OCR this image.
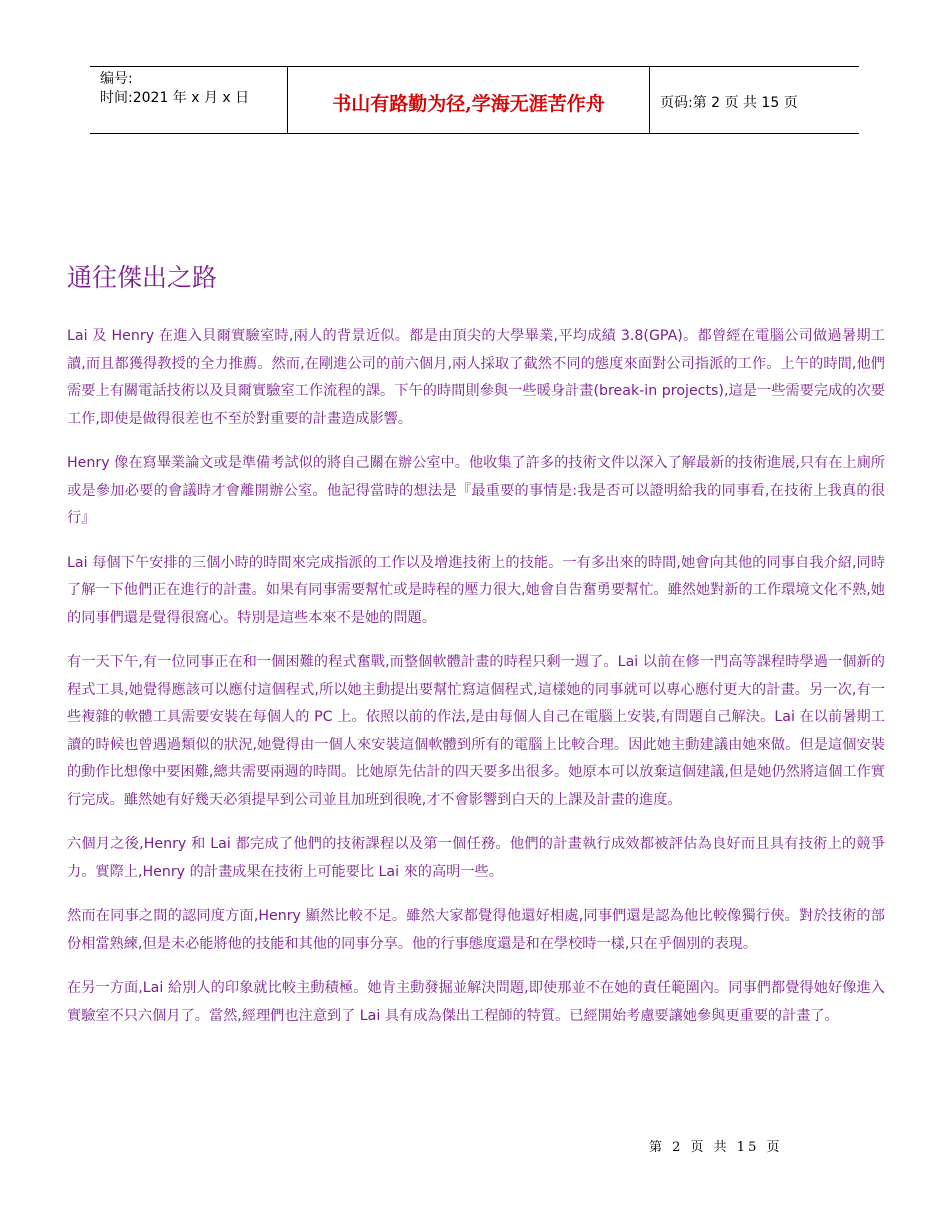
编号:
时间:2021 年 x 月 x 日	书山有路勤为径,学海无涯苦作舟	页码:第 2 页 共 15 页
通往傑出之路

Lai 及 Henry 在進入貝爾實驗室時,兩人的背景近似。都是由頂尖的大學畢業,平均成績 3.8(GPA)。都曾經在電腦公司做過暑期工讀,而且都獲得教授的全力推薦。然而,在剛進公司的前六個月,兩人採取了截然不同的態度來面對公司指派的工作。上午的時間,他們需要上有關電話技術以及貝爾實驗室工作流程的課。下午的時間則參與一些暖身計畫(break-in projects),這是一些需要完成的次要工作,即使是做得很差也不至於對重要的計畫造成影響。

Henry 像在寫畢業論文或是準備考試似的將自己關在辦公室中。他收集了許多的技術文件以深入了解最新的技術進展,只有在上廁所或是參加必要的會議時才會離開辦公室。他記得當時的想法是『最重要的事情是:我是否可以證明給我的同事看,在技術上我真的很行』

Lai 每個下午安排的三個小時的時間來完成指派的工作以及增進技術上的技能。一有多出來的時間,她會向其他的同事自我介紹,同時了解一下他們正在進行的計畫。如果有同事需要幫忙或是時程的壓力很大,她會自告奮勇要幫忙。雖然她對新的工作環境文化不熟,她的同事們還是覺得很窩心。特別是這些本來不是她的問題。

有一天下午,有一位同事正在和一個困難的程式奮戰,而整個軟體計畫的時程只剩一週了。Lai 以前在修一門高等課程時學過一個新的程式工具,她覺得應該可以應付這個程式,所以她主動提出要幫忙寫這個程式,這樣她的同事就可以專心應付更大的計畫。另一次,有一些複雜的軟體工具需要安裝在每個人的 PC 上。依照以前的作法,是由每個人自己在電腦上安裝,有問題自己解決。Lai 在以前暑期工讀的時候也曾遇過類似的狀況,她覺得由一個人來安裝這個軟體到所有的電腦上比較合理。因此她主動建議由她來做。但是這個安裝的動作比想像中要困難,總共需要兩週的時間。比她原先估計的四天要多出很多。她原本可以放棄這個建議,但是她仍然將這個工作實行完成。雖然她有好幾天必須提早到公司並且加班到很晚,才不會影響到白天的上課及計畫的進度。

六個月之後,Henry 和 Lai 都完成了他們的技術課程以及第一個任務。他們的計畫執行成效都被評估為良好而且具有技術上的競爭力。實際上,Henry 的計畫成果在技術上可能要比 Lai 來的高明一些。

然而在同事之間的認同度方面,Henry 顯然比較不足。雖然大家都覺得他還好相處,同事們還是認為他比較像獨行俠。對於技術的部份相當熟練,但是未必能將他的技能和其他的同事分享。他的行事態度還是和在學校時一樣,只在乎個別的表現。

在另一方面,Lai 給別人的印象就比較主動積極。她肯主動發掘並解決問題,即使那並不在她的責任範圍內。同事們都覺得她好像進入實驗室不只六個月了。當然,經理們也注意到了 Lai 具有成為傑出工程師的特質。已經開始考慮要讓她參與更重要的計畫了。

第 2 页 共 15 页
